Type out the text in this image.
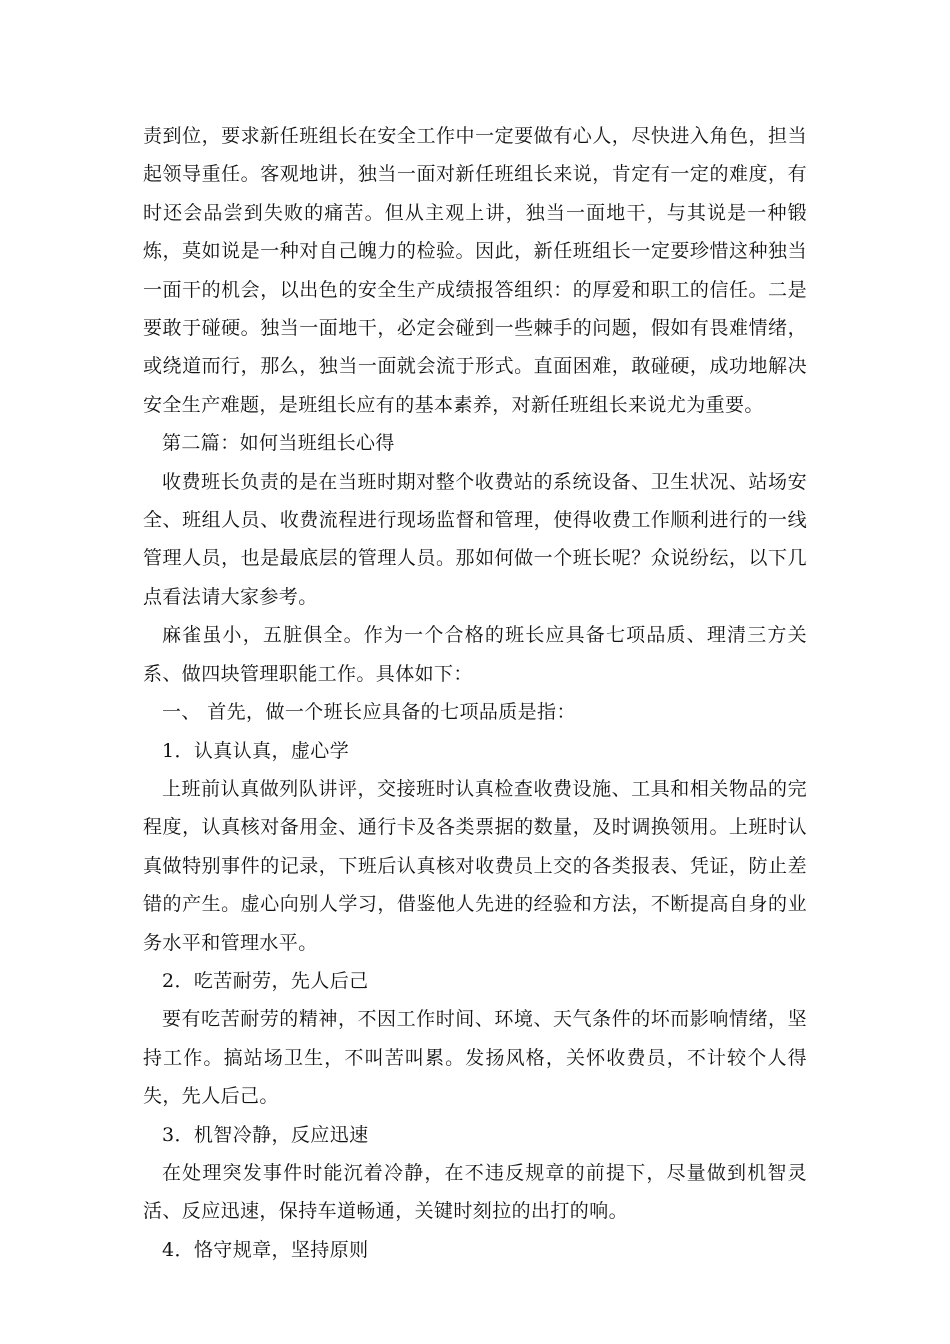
责到位，要求新任班组长在安全工作中一定要做有心人，尽快进入角色，担当起领导重任。客观地讲，独当一面对新任班组长来说，肯定有一定的难度，有时还会品尝到失败的痛苦。但从主观上讲，独当一面地干，与其说是一种锻炼，莫如说是一种对自己魄力的检验。因此，新任班组长一定要珍惜这种独当一面干的机会，以出色的安全生产成绩报答组织：的厚爱和职工的信任。二是要敢于碰硬。独当一面地干，必定会碰到一些棘手的问题，假如有畏难情绪，或绕道而行，那么，独当一面就会流于形式。直面困难，敢碰硬，成功地解决安全生产难题，是班组长应有的基本素养，对新任班组长来说尤为重要。

第二篇：如何当班组长心得

收费班长负责的是在当班时期对整个收费站的系统设备、卫生状况、站场安全、班组人员、收费流程进行现场监督和管理，使得收费工作顺利进行的一线管理人员，也是最底层的管理人员。那如何做一个班长呢？众说纷纭，以下几点看法请大家参考。

麻雀虽小，五脏俱全。作为一个合格的班长应具备七项品质、理清三方关系、做四块管理职能工作。具体如下：

一、 首先，做一个班长应具备的七项品质是指：

1．认真认真，虚心学

上班前认真做列队讲评，交接班时认真检查收费设施、工具和相关物品的完程度，认真核对备用金、通行卡及各类票据的数量，及时调换领用。上班时认真做特别事件的记录，下班后认真核对收费员上交的各类报表、凭证，防止差错的产生。虚心向别人学习，借鉴他人先进的经验和方法，不断提高自身的业务水平和管理水平。

2．吃苦耐劳，先人后己

要有吃苦耐劳的精神，不因工作时间、环境、天气条件的坏而影响情绪，坚持工作。搞站场卫生，不叫苦叫累。发扬风格，关怀收费员，不计较个人得失，先人后己。

3．机智冷静，反应迅速

在处理突发事件时能沉着冷静，在不违反规章的前提下，尽量做到机智灵活、反应迅速，保持车道畅通，关键时刻拉的出打的响。

4．恪守规章，坚持原则
